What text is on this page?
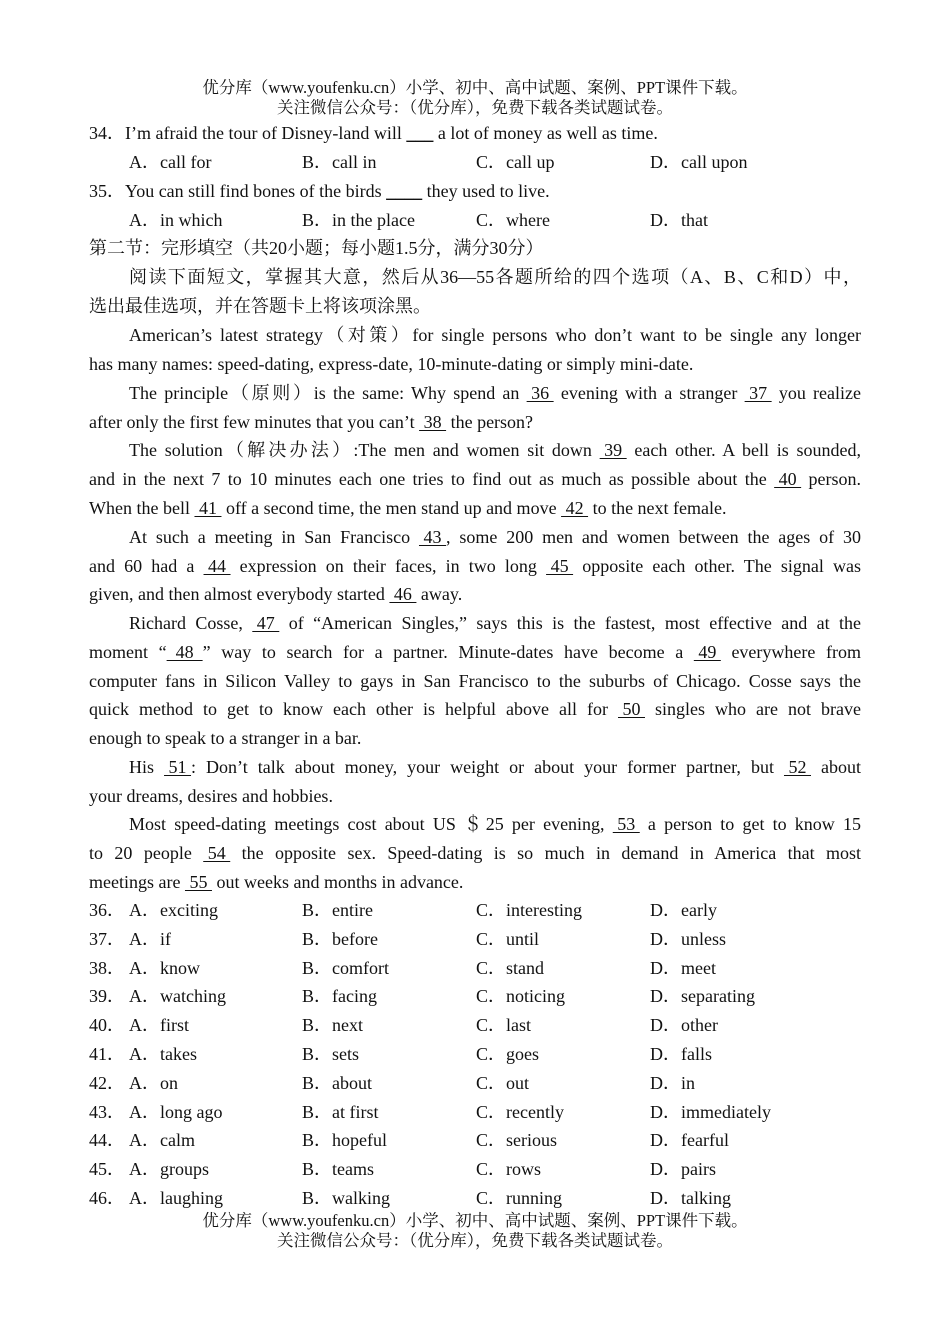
优分库（www.youfenku.cn）小学、初中、高中试题、案例、PPT课件下载。
关注微信公众号：（优分库），免费下载各类试题试卷。
34．I’m afraid the tour of Disney-land will ___ a lot of money as well as time.
A．call for	B．call in	C．call up	D．call upon
35．You can still find bones of the birds ____ they used to live.
A．in which	B．in the place	C．where	D．that
第二节：完形填空（共20小题；每小题1.5分，满分30分）
阅读下面短文，掌握其大意，然后从36—55各题所给的四个选项（A、B、C和D）中，
选出最佳选项，并在答题卡上将该项涂黑。
American’s latest strategy（对策）for single persons who don’t want to be single any longer
has many names: speed-dating, express-date, 10-minute-dating or simply mini-date.
The principle（原则）is the same: Why spend an  36  evening with a stranger  37  you realize
after only the first few minutes that you can’t  38  the person?
The solution（解决办法）:The men and women sit down  39  each other. A bell is sounded,
and in the next 7 to 10 minutes each one tries to find out as much as possible about the  40  person.
When the bell  41  off a second time, the men stand up and move  42  to the next female.
At such a meeting in San Francisco  43 , some 200 men and women between the ages of 30
and 60 had a  44  expression on their faces, in two long  45  opposite each other. The signal was
given, and then almost everybody started  46  away.
Richard Cosse,  47  of “American Singles,” says this is the fastest, most effective and at the
moment “  48  ” way to search for a partner. Minute-dates have become a  49  everywhere from
computer fans in Silicon Valley to gays in San Francisco to the suburbs of Chicago. Cosse says the
quick method to get to know each other is helpful above all for  50  singles who are not brave
enough to speak to a stranger in a bar.
His  51 : Don’t talk about money, your weight or about your former partner, but  52  about
your dreams, desires and hobbies.
Most speed-dating meetings cost about US ＄25 per evening,  53  a person to get to know 15
to 20 people  54  the opposite sex. Speed-dating is so much in demand in America that most
meetings are  55  out weeks and months in advance.
36． A．exciting	B．entire	C．interesting	D．early
37． A．if	B．before	C．until	D．unless
38． A．know	B．comfort	C．stand	D．meet
39． A．watching	B．facing	C．noticing	D．separating
40． A．first	B．next	C．last	D．other
41． A．takes	B．sets	C．goes	D．falls
42． A．on	B．about	C．out	D．in
43． A．long ago	B．at first	C．recently	D．immediately
44． A．calm	B．hopeful	C．serious	D．fearful
45． A．groups	B．teams	C．rows	D．pairs
46． A．laughing	B．walking	C．running	D．talking
优分库（www.youfenku.cn）小学、初中、高中试题、案例、PPT课件下载。
关注微信公众号：（优分库），免费下载各类试题试卷。
